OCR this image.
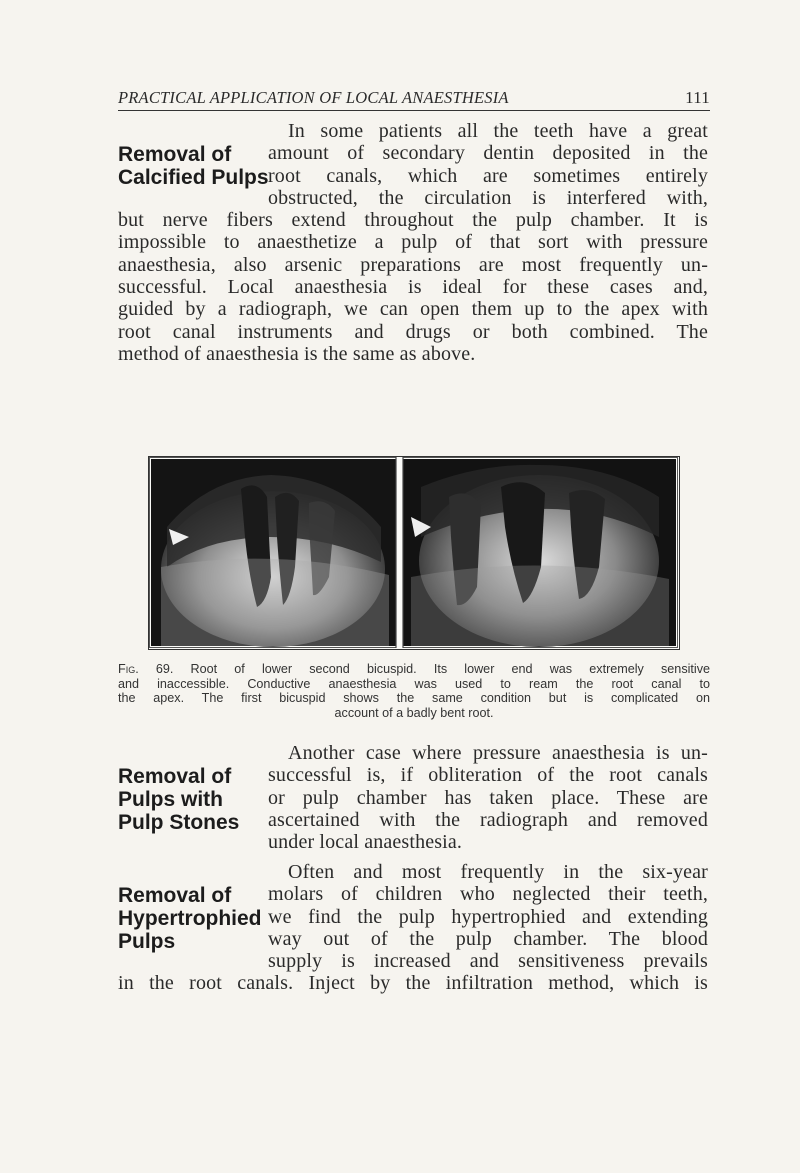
PRACTICAL APPLICATION OF LOCAL ANAESTHESIA	111
Removal of
Calcified Pulps
In some patients all the teeth have a great
amount of secondary dentin deposited in the
root canals, which are sometimes entirely
obstructed, the circulation is interfered with,
but nerve fibers extend throughout the pulp chamber. It is
impossible to anaesthetize a pulp of that sort with pressure
anaesthesia, also arsenic preparations are most frequently un-
successful. Local anaesthesia is ideal for these cases and,
guided by a radiograph, we can open them up to the apex with
root canal instruments and drugs or both combined. The
method of anaesthesia is the same as above.
Fig. 69. Root of lower second bicuspid. Its lower end was extremely sensitive
and inaccessible. Conductive anaesthesia was used to ream the root canal to
the apex. The first bicuspid shows the same condition but is complicated on
account of a badly bent root.
Removal of
Pulps with
Pulp Stones
Another case where pressure anaesthesia is un-
successful is, if obliteration of the root canals
or pulp chamber has taken place. These are
ascertained with the radiograph and removed
under local anaesthesia.
Removal of
Hypertrophied
Pulps
Often and most frequently in the six-year
molars of children who neglected their teeth,
we find the pulp hypertrophied and extending
way out of the pulp chamber. The blood
supply is increased and sensitiveness prevails
in the root canals. Inject by the infiltration method, which is
